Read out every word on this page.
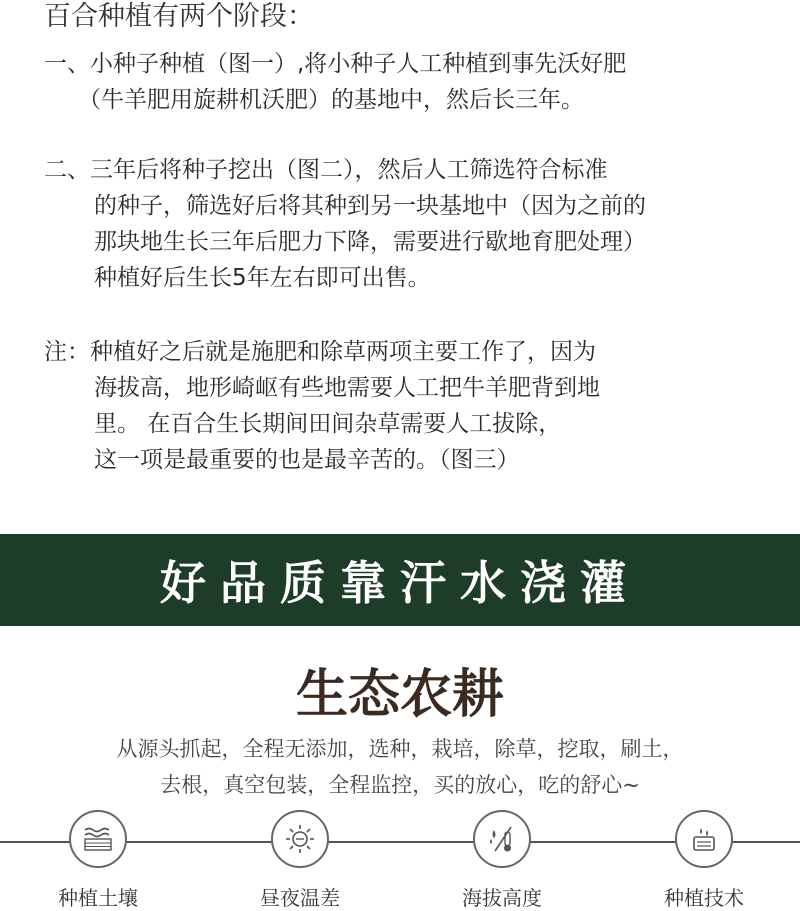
百合种植有两个阶段：
一、小种子种植（图一）,将小种子人工种植到事先沃好肥
（牛羊肥用旋耕机沃肥）的基地中，然后长三年。
二、三年后将种子挖出（图二），然后人工筛选符合标准
的种子，筛选好后将其种到另一块基地中（因为之前的
那块地生长三年后肥力下降，需要进行歇地育肥处理）
种植好后生长5年左右即可出售。
注：种植好之后就是施肥和除草两项主要工作了，因为
海拔高，地形崎岖有些地需要人工把牛羊肥背到地
里。 在百合生长期间田间杂草需要人工拔除，
这一项是最重要的也是最辛苦的。（图三）
好品质靠汗水浇灌
生态农耕
从源头抓起，全程无添加，选种，栽培，除草，挖取，刷土，
去根，真空包装，全程监控，买的放心，吃的舒心~
种植土壤	昼夜温差	海拔高度	种植技术
